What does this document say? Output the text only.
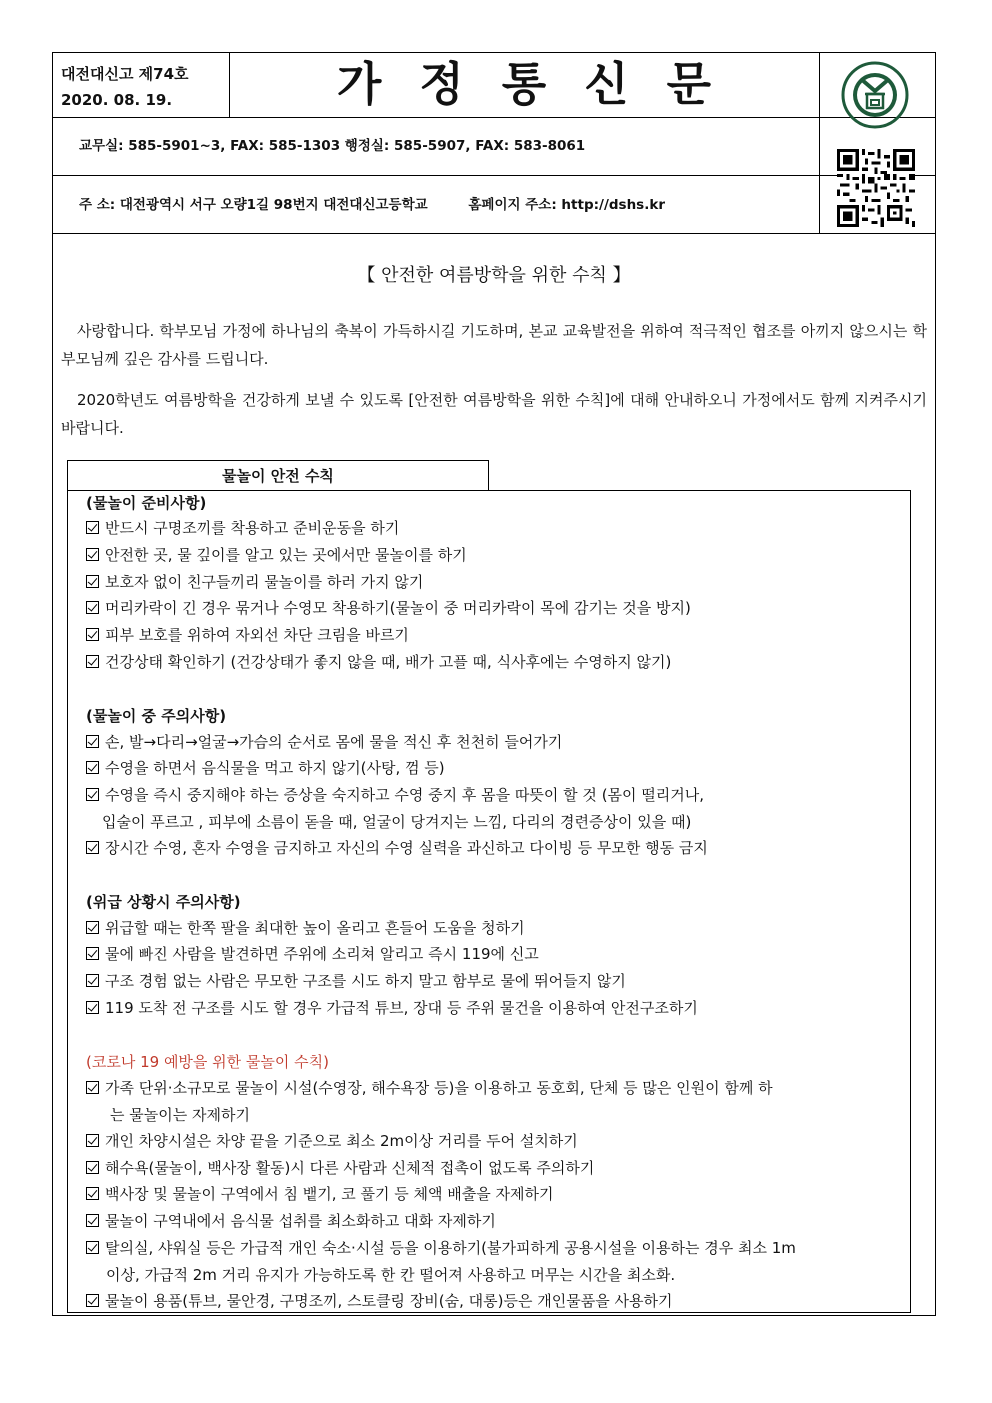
대전대신고 제74호
2020. 08. 19.	가정통신문
교무실: 585-5901~3, FAX: 585-1303 행정실: 585-5907, FAX: 583-8061
주 소: 대전광역시 서구 오량1길 98번지 대전대신고등학교	홈페이지 주소: http://dshs.kr
【 안전한 여름방학을 위한 수칙 】
사랑합니다. 학부모님 가정에 하나님의 축복이 가득하시길 기도하며, 본교 교육발전을 위하여 적극적인 협조를 아끼지 않으시는 학부모님께 깊은 감사를 드립니다.
2020학년도 여름방학을 건강하게 보낼 수 있도록 [안전한 여름방학을 위한 수칙]에 대해 안내하오니 가정에서도 함께 지켜주시기 바랍니다.
물놀이 안전 수칙
(물놀이 준비사항)
반드시 구명조끼를 착용하고 준비운동을 하기
안전한 곳, 물 깊이를 알고 있는 곳에서만 물놀이를 하기
보호자 없이 친구들끼리 물놀이를 하러 가지 않기
머리카락이 긴 경우 묶거나 수영모 착용하기(물놀이 중 머리카락이 목에 감기는 것을 방지)
피부 보호를 위하여 자외선 차단 크림을 바르기
건강상태 확인하기 (건강상태가 좋지 않을 때, 배가 고플 때, 식사후에는 수영하지 않기)
(물놀이 중 주의사항)
손, 발→다리→얼굴→가슴의 순서로 몸에 물을 적신 후 천천히 들어가기
수영을 하면서 음식물을 먹고 하지 않기(사탕, 껌 등)
수영을 즉시 중지해야 하는 증상을 숙지하고 수영 중지 후 몸을 따뜻이 할 것 (몸이 떨리거나,
입술이 푸르고 , 피부에 소름이 돋을 때, 얼굴이 당겨지는 느낌, 다리의 경련증상이 있을 때)
장시간 수영, 혼자 수영을 금지하고 자신의 수영 실력을 과신하고 다이빙 등 무모한 행동 금지
(위급 상황시 주의사항)
위급할 때는 한쪽 팔을 최대한 높이 올리고 흔들어 도움을 청하기
물에 빠진 사람을 발견하면 주위에 소리쳐 알리고 즉시 119에 신고
구조 경험 없는 사람은 무모한 구조를 시도 하지 말고 함부로 물에 뛰어들지 않기
119 도착 전 구조를 시도 할 경우 가급적 튜브, 장대 등 주위 물건을 이용하여 안전구조하기
(코로나 19 예방을 위한 물놀이 수칙)
가족 단위·소규모로 물놀이 시설(수영장, 해수욕장 등)을 이용하고 동호회, 단체 등 많은 인원이 함께 하
는 물놀이는 자제하기
개인 차양시설은 차양 끝을 기준으로 최소 2m이상 거리를 두어 설치하기
해수욕(물놀이, 백사장 활동)시 다른 사람과 신체적 접촉이 없도록 주의하기
백사장 및 물놀이 구역에서 침 뱉기, 코 풀기 등 체액 배출을 자제하기
물놀이 구역내에서 음식물 섭취를 최소화하고 대화 자제하기
탈의실, 샤워실 등은 가급적 개인 숙소·시설 등을 이용하기(불가피하게 공용시설을 이용하는 경우 최소 1m
이상, 가급적 2m 거리 유지가 가능하도록 한 칸 떨어져 사용하고 머무는 시간을 최소화.
물놀이 용품(튜브, 물안경, 구명조끼, 스토클링 장비(숨, 대롱)등은 개인물품을 사용하기
